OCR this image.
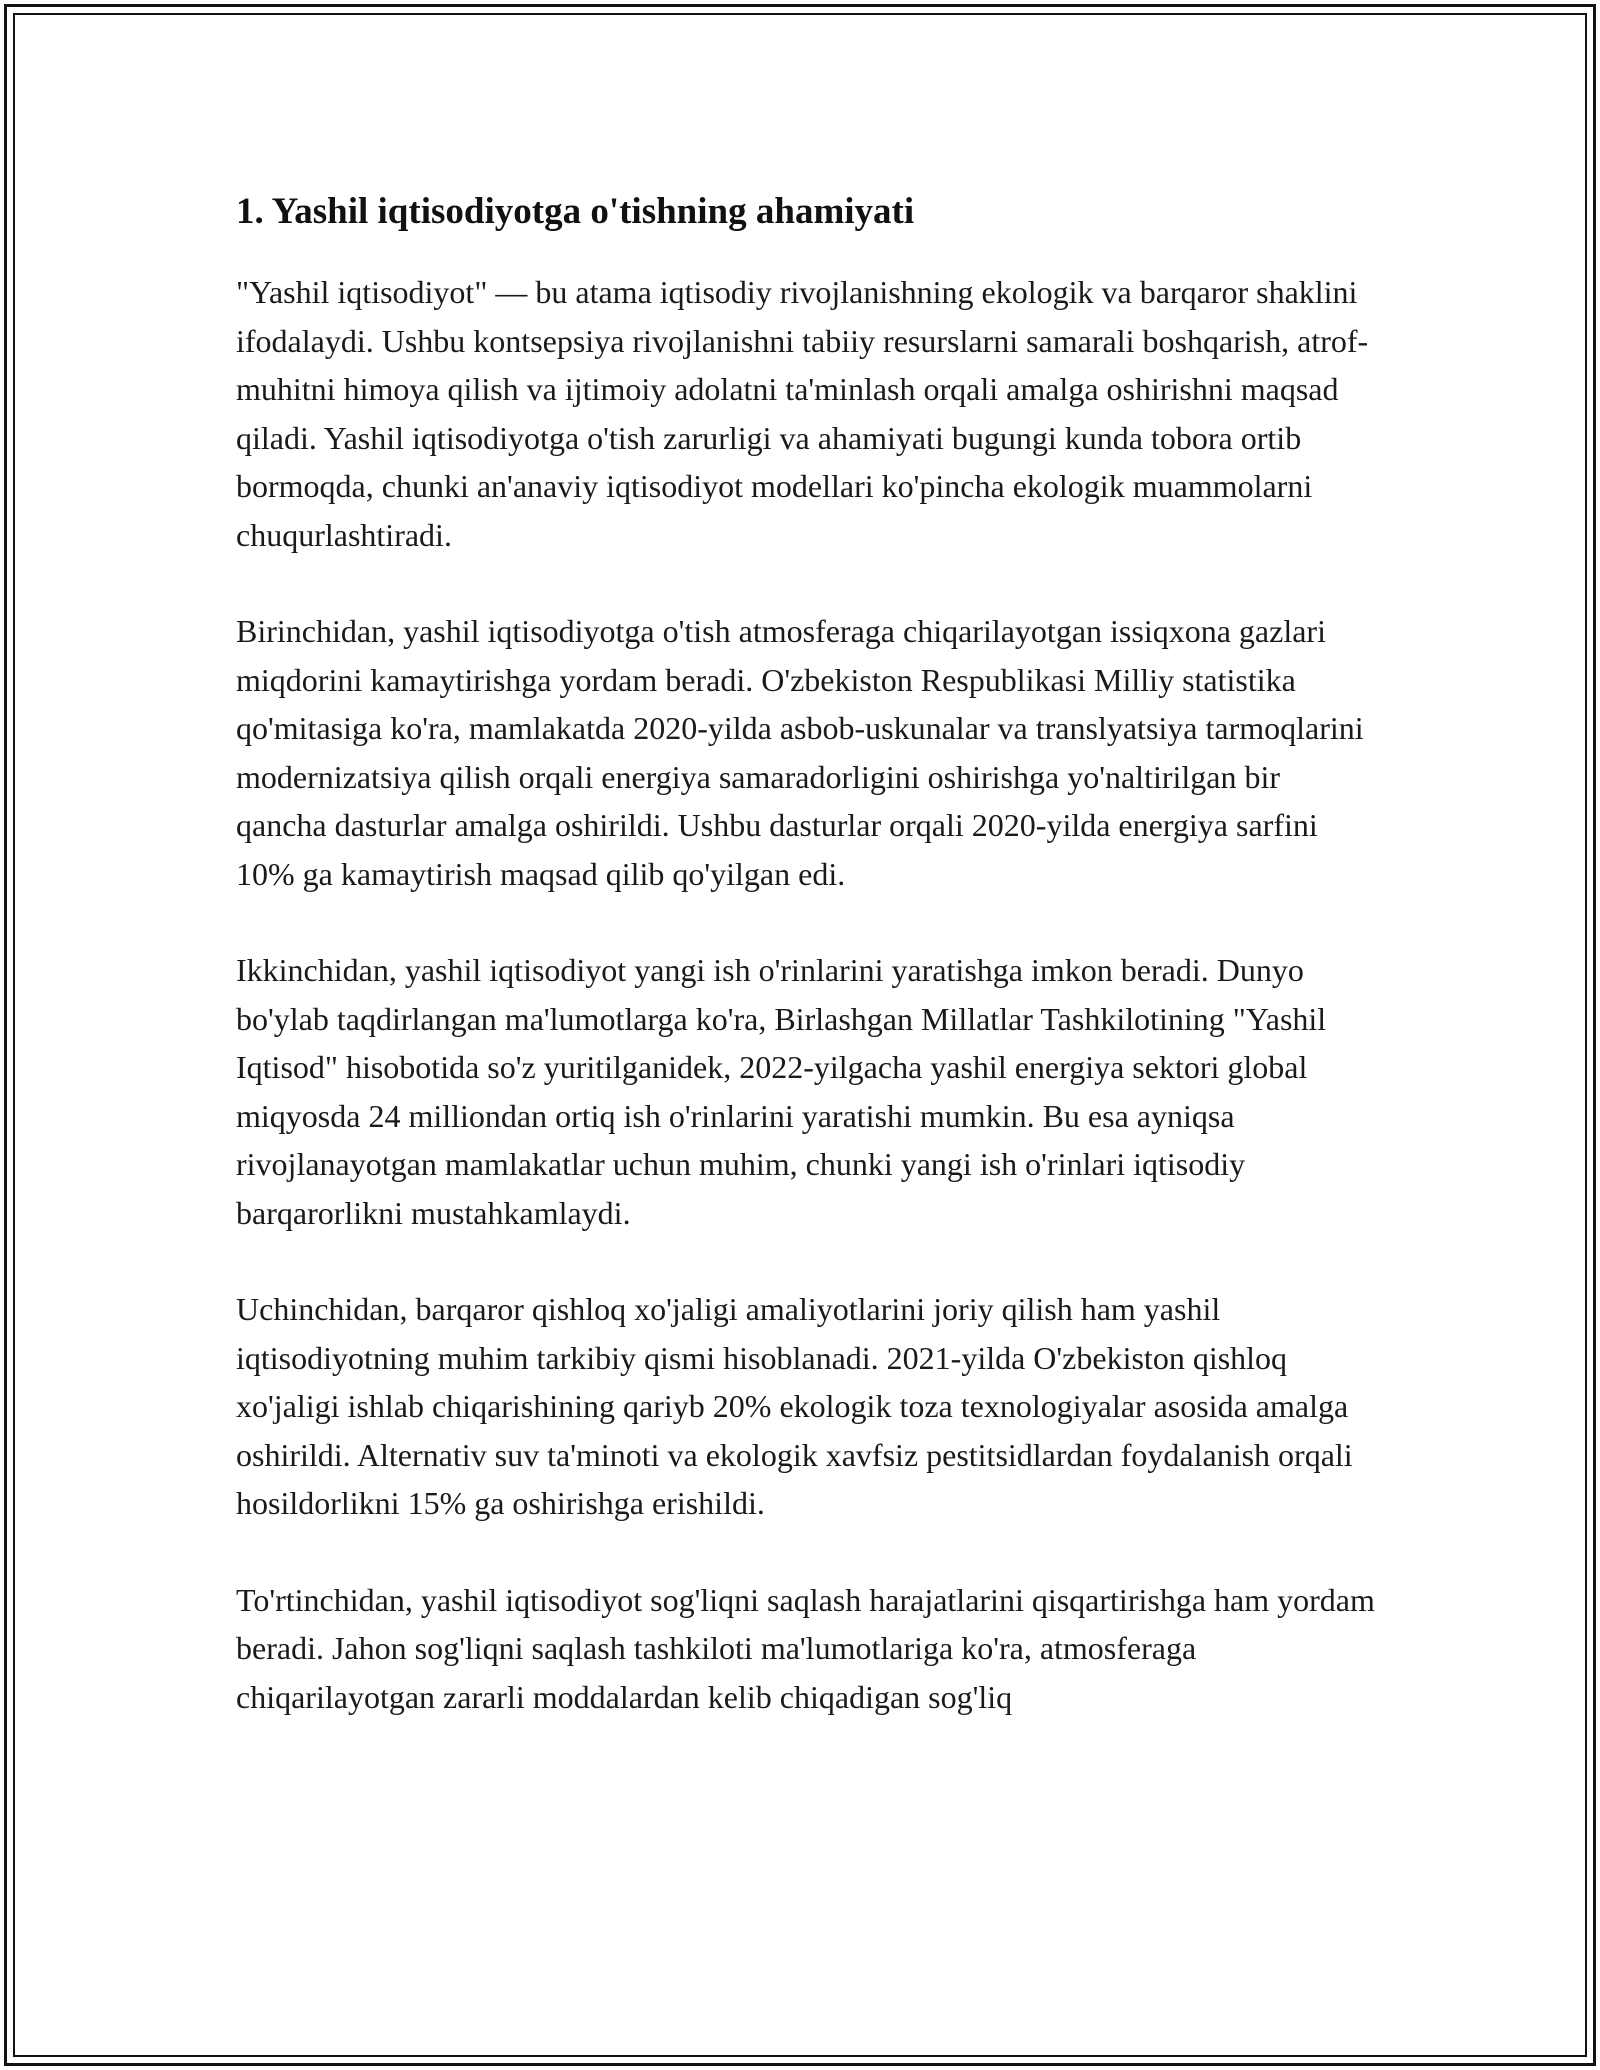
1. Yashil iqtisodiyotga o'tishning ahamiyati

"Yashil iqtisodiyot" — bu atama iqtisodiy rivojlanishning ekologik va barqaror shaklini ifodalaydi. Ushbu kontsepsiya rivojlanishni tabiiy resurslarni samarali boshqarish, atrof-muhitni himoya qilish va ijtimoiy adolatni ta'minlash orqali amalga oshirishni maqsad qiladi. Yashil iqtisodiyotga o'tish zarurligi va ahamiyati bugungi kunda tobora ortib bormoqda, chunki an'anaviy iqtisodiyot modellari ko'pincha ekologik muammolarni chuqurlashtiradi.

Birinchidan, yashil iqtisodiyotga o'tish atmosferaga chiqarilayotgan issiqxona gazlari miqdorini kamaytirishga yordam beradi. O'zbekiston Respublikasi Milliy statistika qo'mitasiga ko'ra, mamlakatda 2020-yilda asbob-uskunalar va translyatsiya tarmoqlarini modernizatsiya qilish orqali energiya samaradorligini oshirishga yo'naltirilgan bir qancha dasturlar amalga oshirildi. Ushbu dasturlar orqali 2020-yilda energiya sarfini 10% ga kamaytirish maqsad qilib qo'yilgan edi.

Ikkinchidan, yashil iqtisodiyot yangi ish o'rinlarini yaratishga imkon beradi. Dunyo bo'ylab taqdirlangan ma'lumotlarga ko'ra, Birlashgan Millatlar Tashkilotining "Yashil Iqtisod" hisobotida so'z yuritilganidek, 2022-yilgacha yashil energiya sektori global miqyosda 24 milliondan ortiq ish o'rinlarini yaratishi mumkin. Bu esa ayniqsa rivojlanayotgan mamlakatlar uchun muhim, chunki yangi ish o'rinlari iqtisodiy barqarorlikni mustahkamlaydi.

Uchinchidan, barqaror qishloq xo'jaligi amaliyotlarini joriy qilish ham yashil iqtisodiyotning muhim tarkibiy qismi hisoblanadi. 2021-yilda O'zbekiston qishloq xo'jaligi ishlab chiqarishining qariyb 20% ekologik toza texnologiyalar asosida amalga oshirildi. Alternativ suv ta'minoti va ekologik xavfsiz pestitsidlardan foydalanish orqali hosildorlikni 15% ga oshirishga erishildi.

To'rtinchidan, yashil iqtisodiyot sog'liqni saqlash harajatlarini qisqartirishga ham yordam beradi. Jahon sog'liqni saqlash tashkiloti ma'lumotlariga ko'ra, atmosferaga chiqarilayotgan zararli moddalardan kelib chiqadigan sog'liq
